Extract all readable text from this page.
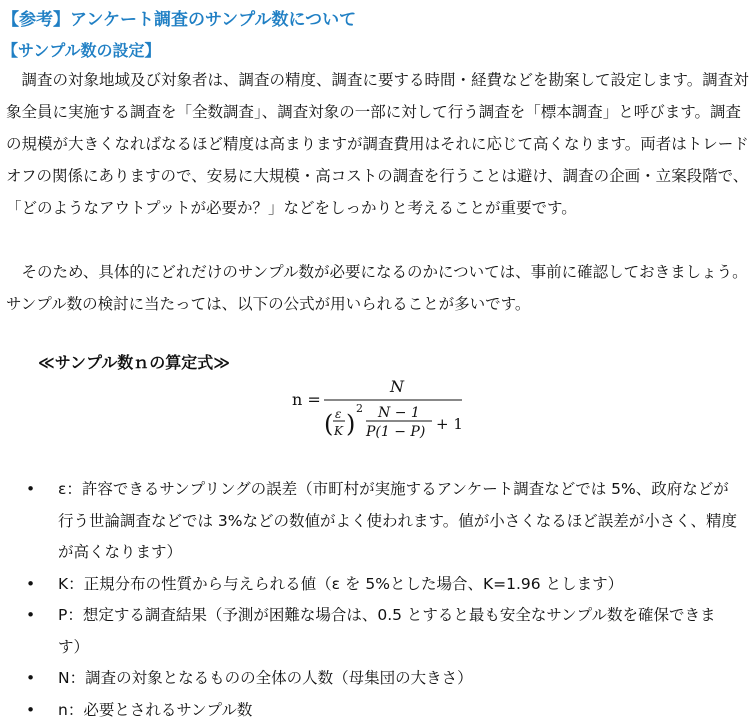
【参考】アンケート調査のサンプル数について
【サンプル数の設定】

　調査の対象地域及び対象者は、調査の精度、調査に要する時間・経費などを勘案して設定します。調査対象全員に実施する調査を「全数調査」、調査対象の一部に対して行う調査を「標本調査」と呼びます。調査の規模が大きくなればなるほど精度は高まりますが調査費用はそれに応じて高くなります。両者はトレードオフの関係にありますので、安易に大規模・高コストの調査を行うことは避け、調査の企画・立案段階で、「どのようなアウトプットが必要か？」などをしっかりと考えることが重要です。

　そのため、具体的にどれだけのサンプル数が必要になるのかについては、事前に確認しておきましょう。サンプル数の検討に当たっては、以下の公式が用いられることが多いです。

≪サンプル数ｎの算定式≫
n =
N
( ε
K )
2 N − 1
P(1 − P) + 1
• ε：許容できるサンプリングの誤差（市町村が実施するアンケート調査などでは 5%、政府などが行う世論調査などでは 3%などの数値がよく使われます。値が小さくなるほど誤差が小さく、精度が高くなります）
• K：正規分布の性質から与えられる値（ε を 5%とした場合、K=1.96 とします）
• P：想定する調査結果（予測が困難な場合は、0.5 とすると最も安全なサンプル数を確保できます）
• N：調査の対象となるものの全体の人数（母集団の大きさ）
• n：必要とされるサンプル数
